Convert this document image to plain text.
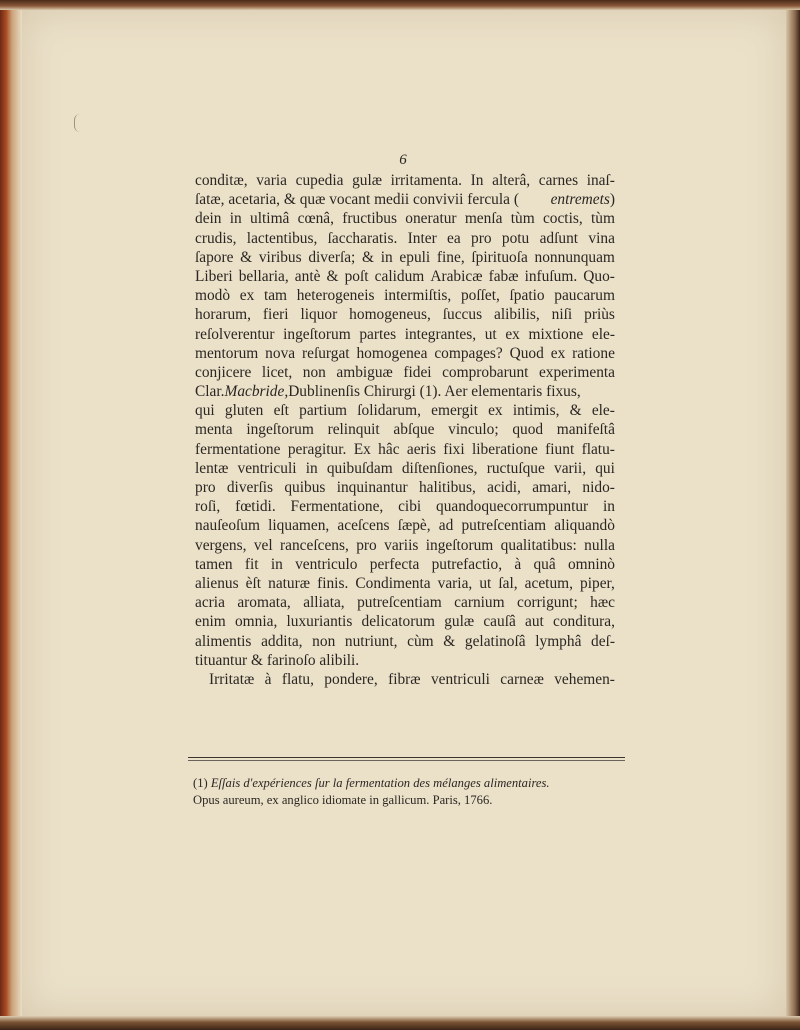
6
conditæ, varia cupedia gulæ irritamenta. In alterâ, carnes inaſ-
ſatæ, acetaria, & quæ vocant medii convivii fercula ( entremets)
dein in ultimâ cœnâ, fructibus oneratur menſa tùm coctis, tùm
crudis, lactentibus, ſaccharatis. Inter ea pro potu adſunt vina
ſapore & viribus diverſa; & in epuli fine, ſpirituoſa nonnunquam
Liberi bellaria, antè & poſt calidum Arabicæ fabæ infuſum. Quo-
modò ex tam heterogeneis intermiſtis, poſſet, ſpatio paucarum
horarum, fieri liquor homogeneus, ſuccus alibilis, niſi priùs
reſolverentur ingeſtorum partes integrantes, ut ex mixtione ele-
mentorum nova reſurgat homogenea compages? Quod ex ratione
conjicere licet, non ambiguæ fidei comprobarunt experimenta
Clar. Macbride, Dublinenſis Chirurgi (1). Aer elementaris fixus,
qui gluten eſt partium ſolidarum, emergit ex intimis, & ele-
menta ingeſtorum relinquit abſque vinculo; quod manifeſtâ
fermentatione peragitur. Ex hâc aeris fixi liberatione fiunt flatu-
lentæ ventriculi in quibuſdam diſtenſiones, ructuſque varii, qui
pro diverſis quibus inquinantur halitibus, acidi, amari, nido-
roſi, fœtidi. Fermentatione, cibi quandoquecorrumpuntur in
nauſeoſum liquamen, aceſcens ſæpè, ad putreſcentiam aliquandò
vergens, vel ranceſcens, pro variis ingeſtorum qualitatibus: nulla
tamen fit in ventriculo perfecta putrefactio, à quâ omninò
alienus èſt naturæ finis. Condimenta varia, ut ſal, acetum, piper,
acria aromata, alliata, putreſcentiam carnium corrigunt; hæc
enim omnia, luxuriantis delicatorum gulæ cauſâ aut conditura,
alimentis addita, non nutriunt, cùm & gelatinoſâ lymphâ deſ-
tituantur & farinoſo alibili.
Irritatæ à flatu, pondere, fibræ ventriculi carneæ vehemen-
(1) Eſſais d'expériences ſur la fermentation des mélanges alimentaires.
Opus aureum, ex anglico idiomate in gallicum. Paris, 1766.
